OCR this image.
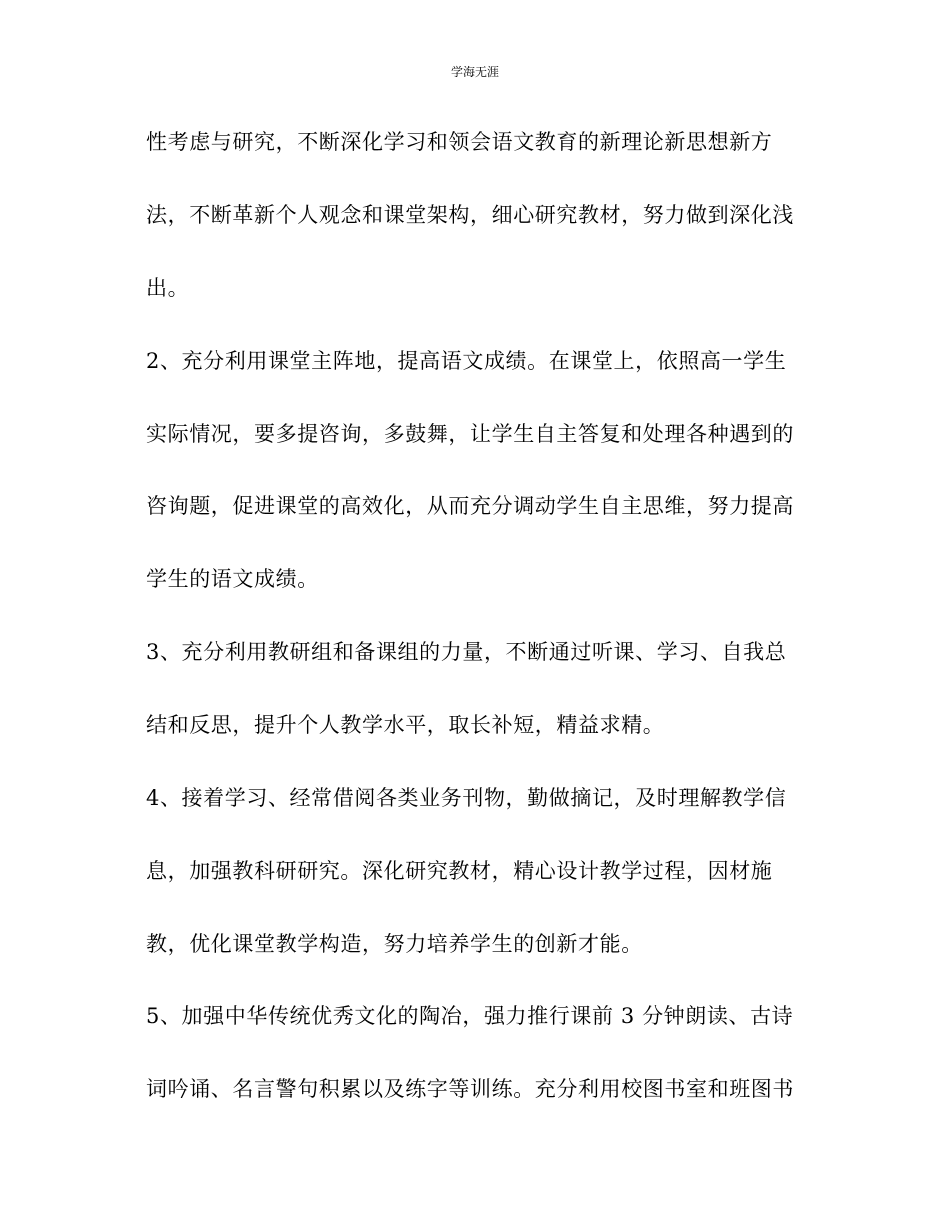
学海无涯
性考虑与研究，不断深化学习和领会语文教育的新理论新思想新方
法，不断革新个人观念和课堂架构，细心研究教材，努力做到深化浅
出。
2、充分利用课堂主阵地，提高语文成绩。在课堂上，依照高一学生
实际情况，要多提咨询，多鼓舞，让学生自主答复和处理各种遇到的
咨询题，促进课堂的高效化，从而充分调动学生自主思维，努力提高
学生的语文成绩。
3、充分利用教研组和备课组的力量，不断通过听课、学习、自我总
结和反思，提升个人教学水平，取长补短，精益求精。
4、接着学习、经常借阅各类业务刊物，勤做摘记，及时理解教学信
息，加强教科研研究。深化研究教材，精心设计教学过程，因材施
教，优化课堂教学构造，努力培养学生的创新才能。
5、加强中华传统优秀文化的陶冶，强力推行课前 3 分钟朗读、古诗
词吟诵、名言警句积累以及练字等训练。充分利用校图书室和班图书
